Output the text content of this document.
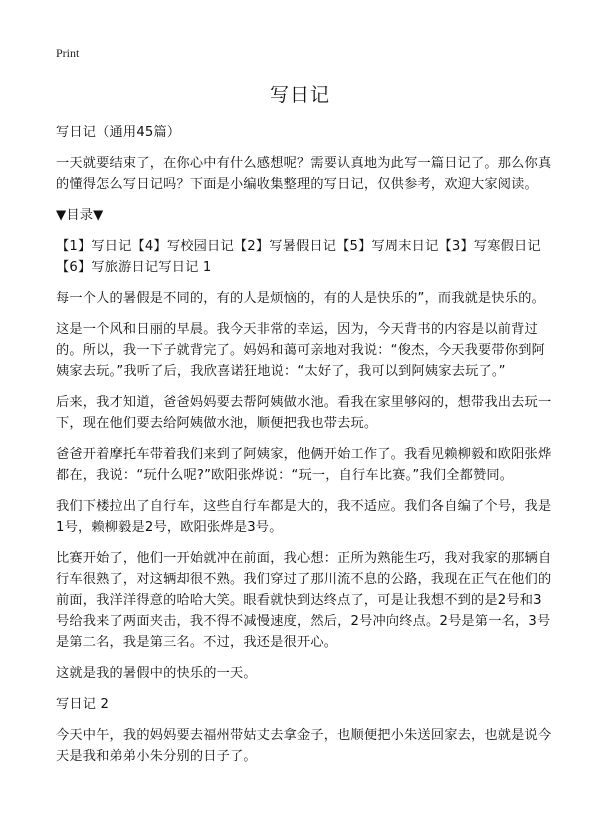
Print
写日记

写日记（通用45篇）

一天就要结束了，在你心中有什么感想呢？需要认真地为此写一篇日记了。那么你真的懂得怎么写日记吗？下面是小编收集整理的写日记，仅供参考，欢迎大家阅读。

▼目录▼

【1】写日记【4】写校园日记【2】写暑假日记【5】写周末日记【3】写寒假日记【6】写旅游日记写日记 1

每一个人的暑假是不同的，有的人是烦恼的，有的人是快乐的”，而我就是快乐的。

这是一个风和日丽的早晨。我今天非常的幸运，因为，今天背书的内容是以前背过的。所以，我一下子就背完了。妈妈和蔼可亲地对我说：“俊杰，今天我要带你到阿姨家去玩。”我听了后，我欣喜诺狂地说：“太好了，我可以到阿姨家去玩了。”

后来，我才知道，爸爸妈妈要去帮阿姨做水池。看我在家里够闷的，想带我出去玩一下，现在他们要去给阿姨做水池，顺便把我也带去玩。

爸爸开着摩托车带着我们来到了阿姨家，他俩开始工作了。我看见赖柳毅和欧阳张烨都在，我说：“玩什么呢?”欧阳张烨说：“玩一，自行车比赛。”我们全都赞同。

我们下楼拉出了自行车，这些自行车都是大的，我不适应。我们各自编了个号，我是1号，赖柳毅是2号，欧阳张烨是3号。

比赛开始了，他们一开始就冲在前面，我心想：正所为熟能生巧，我对我家的那辆自行车很熟了，对这辆却很不熟。我们穿过了那川流不息的公路，我现在正气在他们的前面，我洋洋得意的哈哈大笑。眼看就快到达终点了，可是让我想不到的是2号和3号给我来了两面夹击，我不得不减慢速度，然后，2号冲向终点。2号是第一名，3号是第二名，我是第三名。不过，我还是很开心。

这就是我的暑假中的快乐的一天。

写日记 2

今天中午，我的妈妈要去福州带姑丈去拿金子，也顺便把小朱送回家去，也就是说今天是我和弟弟小朱分别的日子了。
